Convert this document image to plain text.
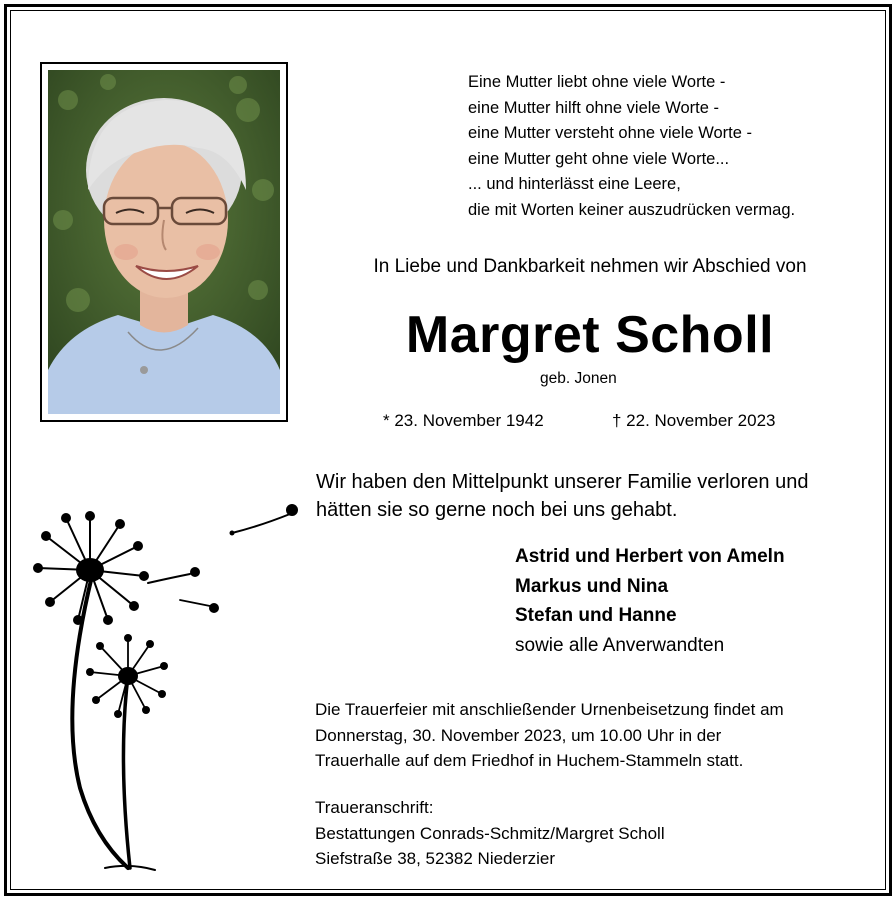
Eine Mutter liebt ohne viele Worte -
eine Mutter hilft ohne viele Worte -
eine Mutter versteht ohne viele Worte -
eine Mutter geht ohne viele Worte...
... und hinterlässt eine Leere,
die mit Worten keiner auszudrücken vermag.
In Liebe und Dankbarkeit nehmen wir Abschied von
Margret Scholl
geb. Jonen
* 23. November 1942	† 22. November 2023
Wir haben den Mittelpunkt unserer Familie verloren und
hätten sie so gerne noch bei uns gehabt.
Astrid und Herbert von Ameln
Markus und Nina
Stefan und Hanne
sowie alle Anverwandten
Die Trauerfeier mit anschließender Urnenbeisetzung findet am
Donnerstag, 30. November 2023, um 10.00 Uhr in der
Trauerhalle auf dem Friedhof in Huchem-Stammeln statt.
Traueranschrift:
Bestattungen Conrads-Schmitz/Margret Scholl
Siefstraße 38, 52382 Niederzier
